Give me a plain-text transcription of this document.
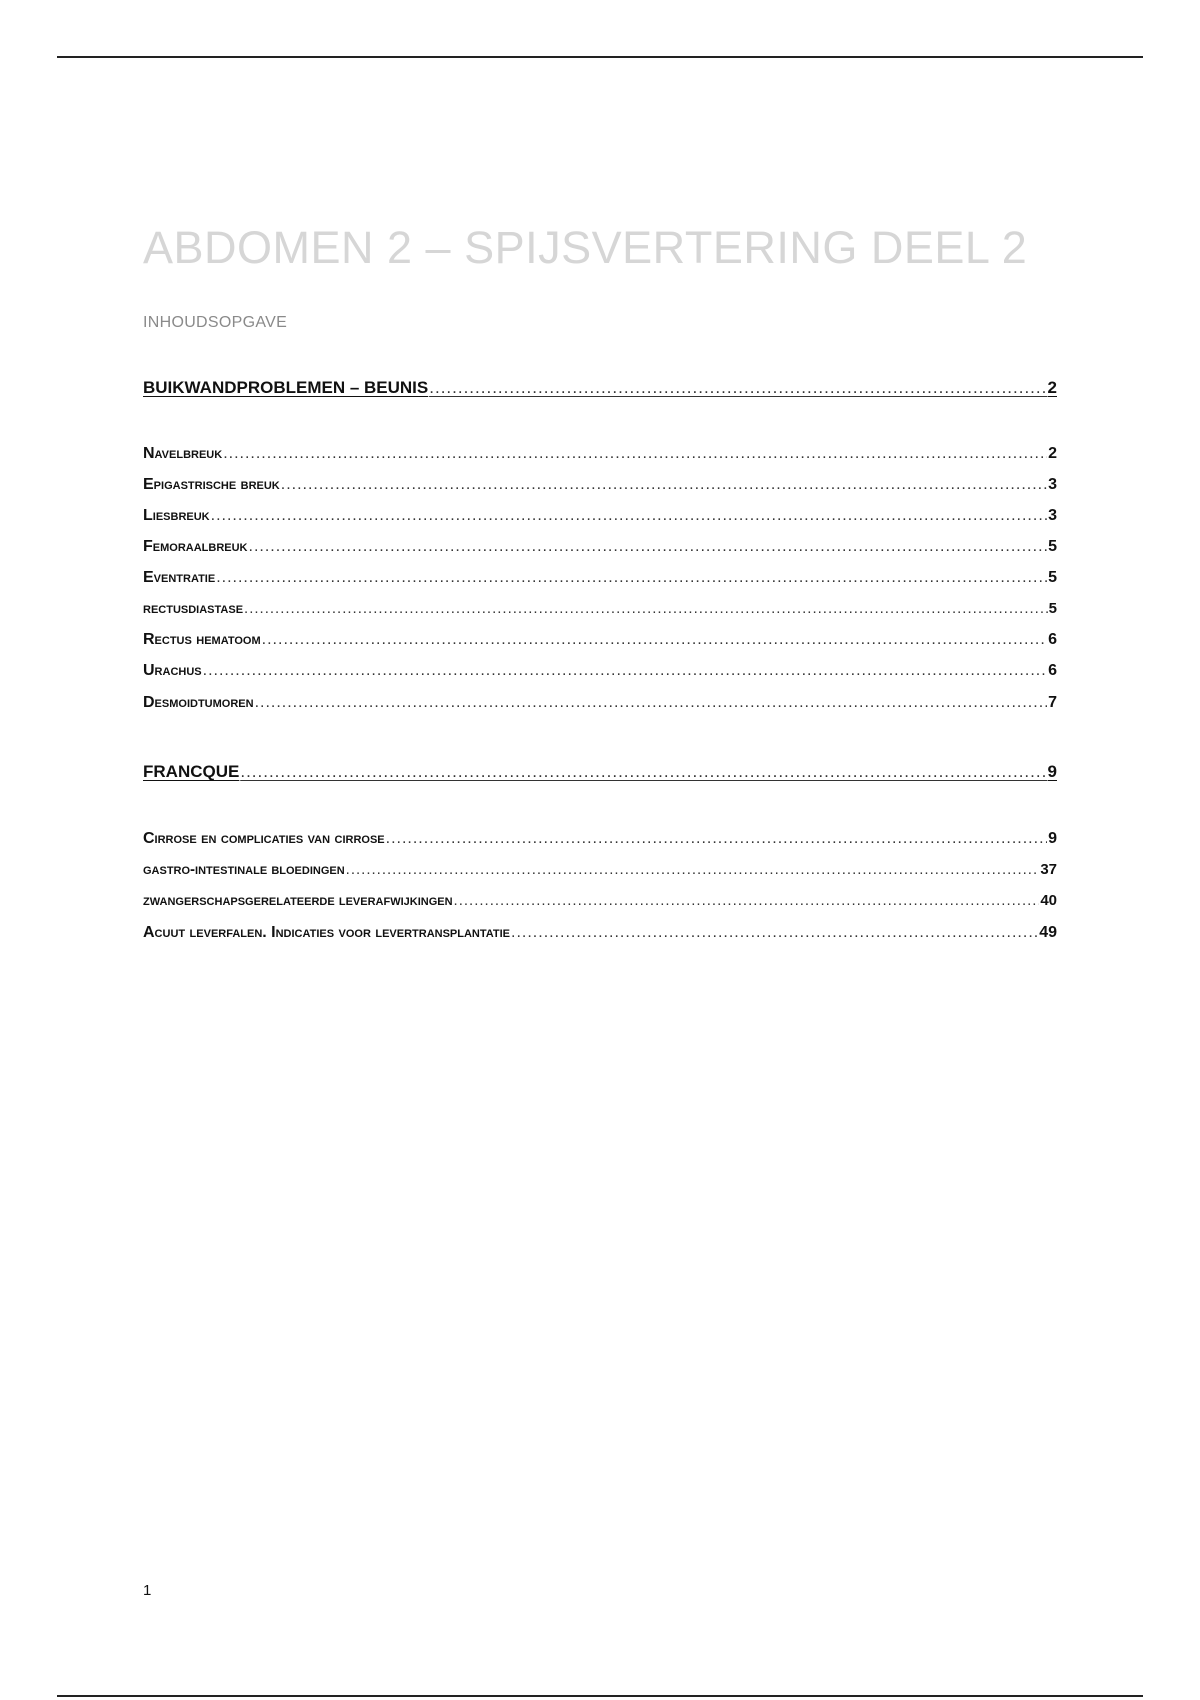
ABDOMEN 2 – SPIJSVERTERING DEEL 2
INHOUDSOPGAVE
BUIKWANDPROBLEMEN – BEUNIS .....	2
Navelbreuk .....	2
Epigastrische breuk .....	3
Liesbreuk .....	3
Femoraalbreuk .....	5
Eventratie .....	5
rectusdiastase .....	5
Rectus hematoom .....	6
Urachus .....	6
Desmoidtumoren .....	7
FRANCQUE .....	9
Cirrose en complicaties van cirrose .....	9
gastro-intestinale bloedingen .....	37
zwangerschapsgerelateerde leverafwijkingen .....	40
Acuut leverfalen. Indicaties voor levertransplantatie .....	49
1
